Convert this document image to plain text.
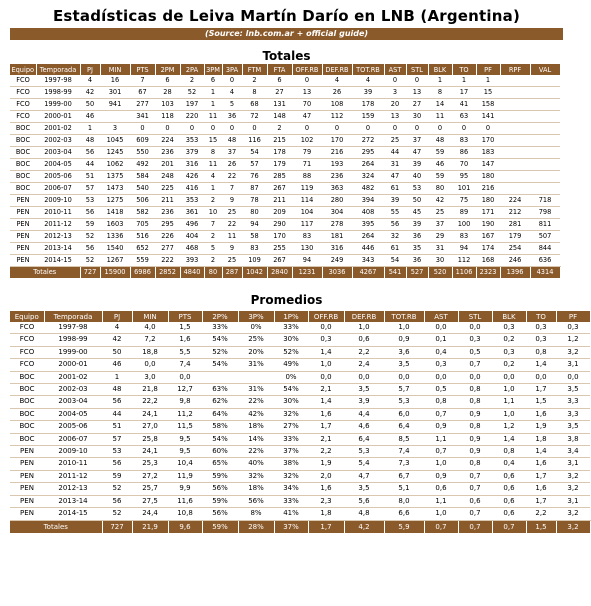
Estadísticas de Leiva Martín Darío en LNB (Argentina)
(Source: lnb.com.ar + official guide)
Totales
Equipo	Temporada	PJ	MIN	PTS	2PM	2PA	3PM	3PA	FTM	FTA	OFF.RB	DEF.RB	TOT.RB	AST	STL	BLK	TO	PF	RPF	VAL
FCO	1997-98	4	16	7	6	2	6	0	2	6	0	4	4	0	0	1	1	1		
FCO	1998-99	42	301	67	28	52	1	4	8	27	13	26	39	3	13	8	17	15		
FCO	1999-00	50	941	277	103	197	1	5	68	131	70	108	178	20	27	14	41	158		
FCO	2000-01	46		341	118	220	11	36	72	148	47	112	159	13	30	11	63	141		
BOC	2001-02	1	3	0	0	0	0	0	0	2	0	0	0	0	0	0	0	0		
BOC	2002-03	48	1045	609	224	353	15	48	116	215	102	170	272	25	37	48	83	170		
BOC	2003-04	56	1245	550	236	379	8	37	54	178	79	216	295	44	47	59	86	183		
BOC	2004-05	44	1062	492	201	316	11	26	57	179	71	193	264	31	39	46	70	147		
BOC	2005-06	51	1375	584	248	426	4	22	76	285	88	236	324	47	40	59	95	180		
BOC	2006-07	57	1473	540	225	416	1	7	87	267	119	363	482	61	53	80	101	216		
PEN	2009-10	53	1275	506	211	353	2	9	78	211	114	280	394	39	50	42	75	180	224	718
PEN	2010-11	56	1418	582	236	361	10	25	80	209	104	304	408	55	45	25	89	171	212	798
PEN	2011-12	59	1603	705	295	496	7	22	94	290	117	278	395	56	39	37	100	190	281	811
PEN	2012-13	52	1336	516	226	404	2	11	58	170	83	181	264	32	36	29	83	167	179	507
PEN	2013-14	56	1540	652	277	468	5	9	83	255	130	316	446	61	35	31	94	174	254	844
PEN	2014-15	52	1267	559	222	393	2	25	109	267	94	249	343	54	36	30	112	168	246	636
Totales		727	15900	6986	2852	4840	80	287	1042	2840	1231	3036	4267	541	527	520	1106	2323	1396	4314
Promedios
Equipo	Temporada	PJ	MIN	PTS	2P%	3P%	1P%	OFF.RB	DEF.RB	TOT.RB	AST	STL	BLK	TO	PF
FCO	1997-98	4	4,0	1,5	33%	0%	33%	0,0	1,0	1,0	0,0	0,0	0,3	0,3	0,3
FCO	1998-99	42	7,2	1,6	54%	25%	30%	0,3	0,6	0,9	0,1	0,3	0,2	0,3	1,2
FCO	1999-00	50	18,8	5,5	52%	20%	52%	1,4	2,2	3,6	0,4	0,5	0,3	0,8	3,2
FCO	2000-01	46	0,0	7,4	54%	31%	49%	1,0	2,4	3,5	0,3	0,7	0,2	1,4	3,1
BOC	2001-02	1	3,0	0,0			0%	0,0	0,0	0,0	0,0	0,0	0,0	0,0	0,0
BOC	2002-03	48	21,8	12,7	63%	31%	54%	2,1	3,5	5,7	0,5	0,8	1,0	1,7	3,5
BOC	2003-04	56	22,2	9,8	62%	22%	30%	1,4	3,9	5,3	0,8	0,8	1,1	1,5	3,3
BOC	2004-05	44	24,1	11,2	64%	42%	32%	1,6	4,4	6,0	0,7	0,9	1,0	1,6	3,3
BOC	2005-06	51	27,0	11,5	58%	18%	27%	1,7	4,6	6,4	0,9	0,8	1,2	1,9	3,5
BOC	2006-07	57	25,8	9,5	54%	14%	33%	2,1	6,4	8,5	1,1	0,9	1,4	1,8	3,8
PEN	2009-10	53	24,1	9,5	60%	22%	37%	2,2	5,3	7,4	0,7	0,9	0,8	1,4	3,4
PEN	2010-11	56	25,3	10,4	65%	40%	38%	1,9	5,4	7,3	1,0	0,8	0,4	1,6	3,1
PEN	2011-12	59	27,2	11,9	59%	32%	32%	2,0	4,7	6,7	0,9	0,7	0,6	1,7	3,2
PEN	2012-13	52	25,7	9,9	56%	18%	34%	1,6	3,5	5,1	0,6	0,7	0,6	1,6	3,2
PEN	2013-14	56	27,5	11,6	59%	56%	33%	2,3	5,6	8,0	1,1	0,6	0,6	1,7	3,1
PEN	2014-15	52	24,4	10,8	56%	8%	41%	1,8	4,8	6,6	1,0	0,7	0,6	2,2	3,2
Totales		727	21,9	9,6	59%	28%	37%	1,7	4,2	5,9	0,7	0,7	0,7	1,5	3,2
